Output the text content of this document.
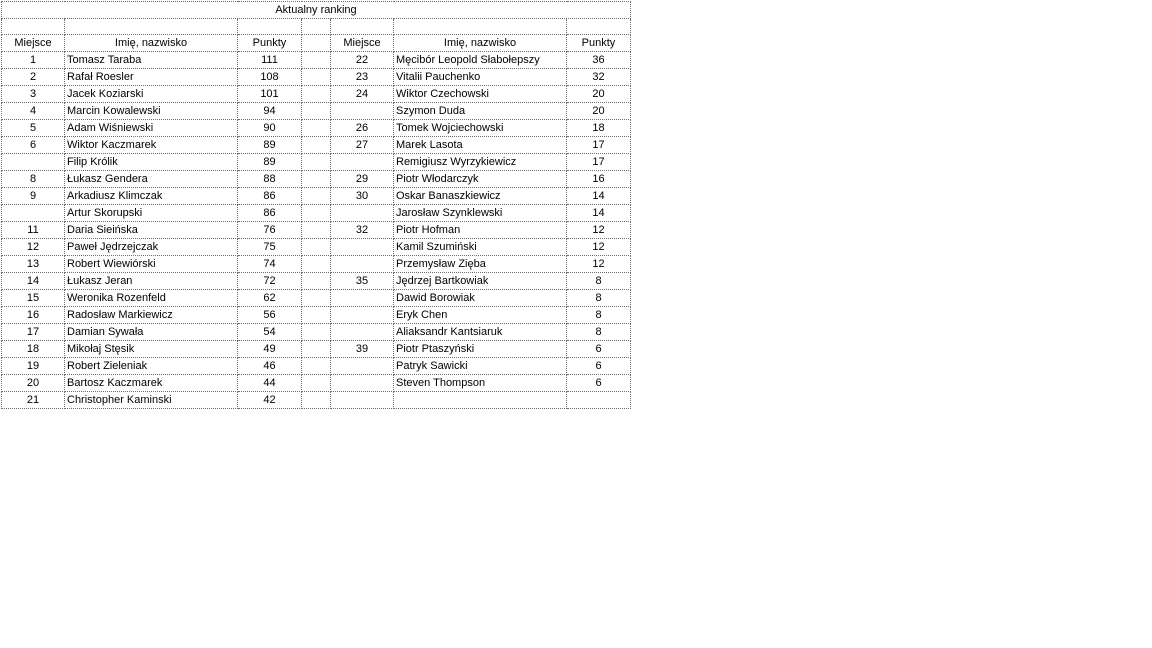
Aktualny ranking						

Miejsce	Imię, nazwisko	Punkty		Miejsce	Imię, nazwisko	Punkty
1	Tomasz Taraba	111		22	Męcibór Leopold Słabołepszy	36
2	Rafał Roesler	108		23	Vitalii Pauchenko	32
3	Jacek Koziarski	101		24	Wiktor Czechowski	20
4	Marcin Kowalewski	94			Szymon Duda	20
5	Adam Wiśniewski	90		26	Tomek Wojciechowski	18
6	Wiktor Kaczmarek	89		27	Marek Lasota	17
	Filip Królik	89			Remigiusz Wyrzykiewicz	17
8	Łukasz Gendera	88		29	Piotr Włodarczyk	16
9	Arkadiusz Klimczak	86		30	Oskar Banaszkiewicz	14
	Artur Skorupski	86			Jarosław Szynklewski	14
11	Daria Sieińska	76		32	Piotr Hofman	12
12	Paweł Jędrzejczak	75			Kamil Szumiński	12
13	Robert Wiewiórski	74			Przemysław Zięba	12
14	Łukasz Jeran	72		35	Jędrzej Bartkowiak	8
15	Weronika Rozenfeld	62			Dawid Borowiak	8
16	Radosław Markiewicz	56			Eryk Chen	8
17	Damian Sywała	54			Aliaksandr Kantsiaruk	8
18	Mikołaj Stęsik	49		39	Piotr Ptaszyński	6
19	Robert Zieleniak	46			Patryk Sawicki	6
20	Bartosz Kaczmarek	44			Steven Thompson	6
21	Christopher Kaminski	42				
